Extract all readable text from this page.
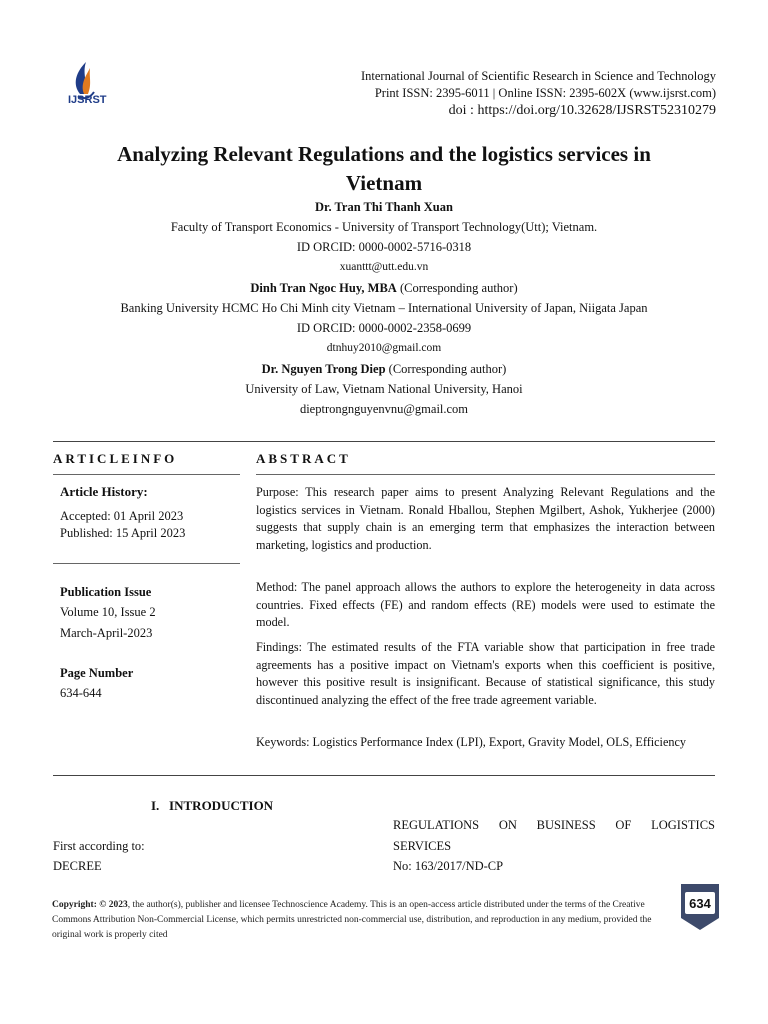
IJSRST
International Journal of Scientific Research in Science and Technology
Print ISSN: 2395-6011 | Online ISSN: 2395-602X (www.ijsrst.com)
doi : https://doi.org/10.32628/IJSRST52310279
Analyzing Relevant Regulations and the logistics services in
Vietnam
Dr. Tran Thi Thanh Xuan
Faculty of Transport Economics - University of Transport Technology(Utt); Vietnam.
ID ORCID: 0000-0002-5716-0318
xuanttt@utt.edu.vn
Dinh Tran Ngoc Huy, MBA (Corresponding author)
Banking University HCMC Ho Chi Minh city Vietnam – International University of Japan, Niigata Japan
ID ORCID: 0000-0002-2358-0699
dtnhuy2010@gmail.com
Dr. Nguyen Trong Diep (Corresponding author)
University of Law, Vietnam National University, Hanoi
dieptrongnguyenvnu@gmail.com
ARTICLEINFO	ABSTRACT
Article History:
Accepted: 01 April 2023
Published: 15 April 2023
Publication Issue
Volume 10, Issue 2
March-April-2023
Page Number
634-644
Purpose: This research paper aims to present Analyzing Relevant Regulations and the logistics services in Vietnam. Ronald Hballou, Stephen Mgilbert, Ashok, Yukherjee (2000) suggests that supply chain is an emerging term that emphasizes the interaction between marketing, logistics and production.
Method: The panel approach allows the authors to explore the heterogeneity in data across countries. Fixed effects (FE) and random effects (RE) models were used to estimate the model.
Findings: The estimated results of the FTA variable show that participation in free trade agreements has a positive impact on Vietnam's exports when this coefficient is positive, however this positive result is insignificant. Because of statistical significance, this study discontinued analyzing the effect of the free trade agreement variable.
Keywords: Logistics Performance Index (LPI), Export, Gravity Model, OLS, Efficiency
I.   INTRODUCTION
First according to:
DECREE
REGULATIONS ON BUSINESS OF LOGISTICS
SERVICES
No: 163/2017/ND-CP
Copyright: © 2023, the author(s), publisher and licensee Technoscience Academy. This is an open-access article distributed under the terms of the Creative Commons Attribution Non-Commercial License, which permits unrestricted non-commercial use, distribution, and reproduction in any medium, provided the original work is properly cited
634
